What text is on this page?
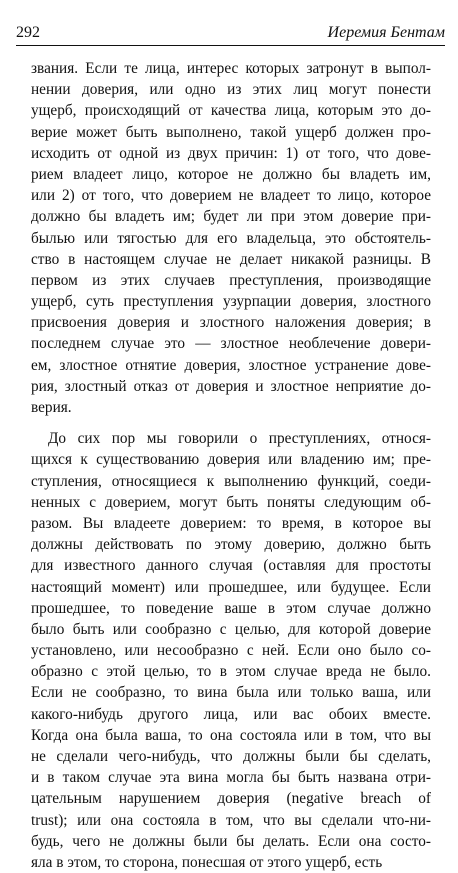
292	Иеремия Бентам
звания. Если те лица, интерес которых затронут в выпол-
нении доверия, или одно из этих лиц могут понести
ущерб, происходящий от качества лица, которым это до-
верие может быть выполнено, такой ущерб должен про-
исходить от одной из двух причин: 1) от того, что дове-
рием владеет лицо, которое не должно бы владеть им,
или 2) от того, что доверием не владеет то лицо, которое
должно бы владеть им; будет ли при этом доверие при-
былью или тягостью для его владельца, это обстоятель-
ство в настоящем случае не делает никакой разницы. В
первом из этих случаев преступления, производящие
ущерб, суть преступления узурпации доверия, злостного
присвоения доверия и злостного наложения доверия; в
последнем случае это — злостное необлечение довери-
ем, злостное отнятие доверия, злостное устранение дове-
рия, злостный отказ от доверия и злостное неприятие до-
верия.
До сих пор мы говорили о преступлениях, относя-
щихся к существованию доверия или владению им; пре-
ступления, относящиеся к выполнению функций, соеди-
ненных с доверием, могут быть поняты следующим об-
разом. Вы владеете доверием: то время, в которое вы
должны действовать по этому доверию, должно быть
для известного данного случая (оставляя для простоты
настоящий момент) или прошедшее, или будущее. Если
прошедшее, то поведение ваше в этом случае должно
было быть или сообразно с целью, для которой доверие
установлено, или несообразно с ней. Если оно было со-
образно с этой целью, то в этом случае вреда не было.
Если не сообразно, то вина была или только ваша, или
какого-нибудь другого лица, или вас обоих вместе.
Когда она была ваша, то она состояла или в том, что вы
не сделали чего-нибудь, что должны были бы сделать,
и в таком случае эта вина могла бы быть названа отри-
цательным нарушением доверия (negative breach of
trust); или она состояла в том, что вы сделали что-ни-
будь, чего не должны были бы делать. Если она состо-
яла в этом, то сторона, понесшая от этого ущерб, есть
